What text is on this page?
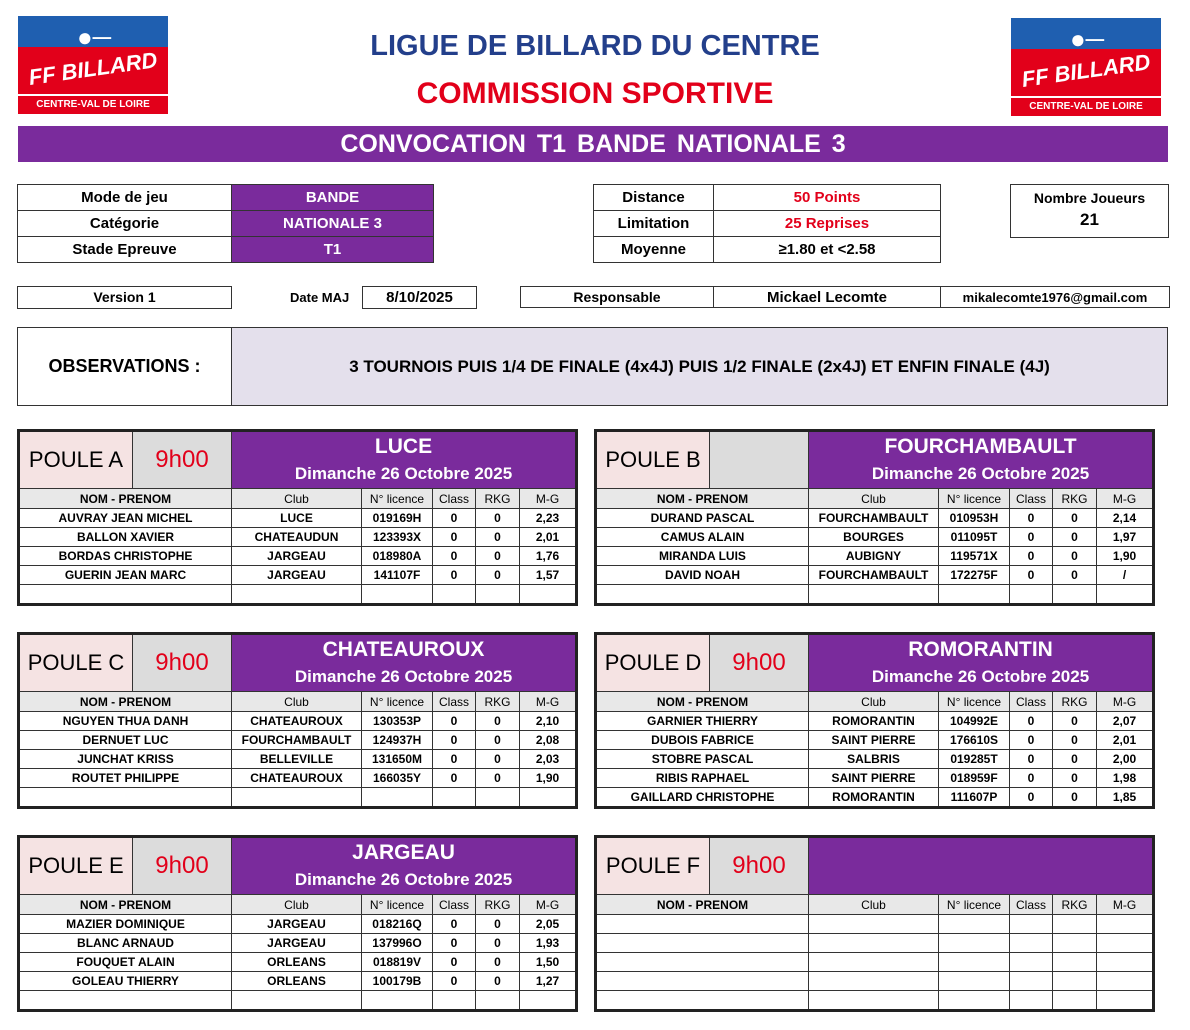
●─
FF BILLARD
CENTRE-VAL DE LOIRE
●─
FF BILLARD
CENTRE-VAL DE LOIRE
LIGUE DE BILLARD DU CENTRE
COMMISSION SPORTIVE
CONVOCATION T1 BANDE NATIONALE 3
Mode de jeu	BANDE
Catégorie	NATIONALE 3
Stade Epreuve	T1
Distance	50 Points
Limitation	25 Reprises
Moyenne	≥1.80 et <2.58
Nombre Joueurs
21
Version 1	Date MAJ	8/10/2025	Responsable	Mickael Lecomte	mikalecomte1976@gmail.com
OBSERVATIONS :	3 TOURNOIS PUIS 1/4 DE FINALE (4x4J) PUIS 1/2 FINALE (2x4J) ET ENFIN FINALE (4J)
POULE A	9h00	LUCE
Dimanche 26 Octobre 2025				

NOM - PRENOM		Club	N° licence	Class	RKG	M-G
AUVRAY JEAN MICHEL		LUCE	019169H	0	0	2,23
BALLON XAVIER		CHATEAUDUN	123393X	0	0	2,01
BORDAS CHRISTOPHE		JARGEAU	018980A	0	0	1,76
GUERIN JEAN MARC		JARGEAU	141107F	0	0	1,57

POULE B		FOURCHAMBAULT
Dimanche 26 Octobre 2025				

NOM - PRENOM		Club	N° licence	Class	RKG	M-G
DURAND PASCAL		FOURCHAMBAULT	010953H	0	0	2,14
CAMUS ALAIN		BOURGES	011095T	0	0	1,97
MIRANDA LUIS		AUBIGNY	119571X	0	0	1,90
DAVID NOAH		FOURCHAMBAULT	172275F	0	0	/

POULE C	9h00	CHATEAUROUX
Dimanche 26 Octobre 2025				

NOM - PRENOM		Club	N° licence	Class	RKG	M-G
NGUYEN THUA DANH		CHATEAUROUX	130353P	0	0	2,10
DERNUET LUC		FOURCHAMBAULT	124937H	0	0	2,08
JUNCHAT KRISS		BELLEVILLE	131650M	0	0	2,03
ROUTET PHILIPPE		CHATEAUROUX	166035Y	0	0	1,90

POULE D	9h00	ROMORANTIN
Dimanche 26 Octobre 2025				

NOM - PRENOM		Club	N° licence	Class	RKG	M-G
GARNIER THIERRY		ROMORANTIN	104992E	0	0	2,07
DUBOIS FABRICE		SAINT PIERRE	176610S	0	0	2,01
STOBRE PASCAL		SALBRIS	019285T	0	0	2,00
RIBIS RAPHAEL		SAINT PIERRE	018959F	0	0	1,98
GAILLARD CHRISTOPHE		ROMORANTIN	111607P	0	0	1,85
POULE E	9h00	JARGEAU
Dimanche 26 Octobre 2025				

NOM - PRENOM		Club	N° licence	Class	RKG	M-G
MAZIER DOMINIQUE		JARGEAU	018216Q	0	0	2,05
BLANC ARNAUD		JARGEAU	137996O	0	0	1,93
FOUQUET ALAIN		ORLEANS	018819V	0	0	1,50
GOLEAU THIERRY		ORLEANS	100179B	0	0	1,27

POULE F	9h00					

NOM - PRENOM		Club	N° licence	Class	RKG	M-G
